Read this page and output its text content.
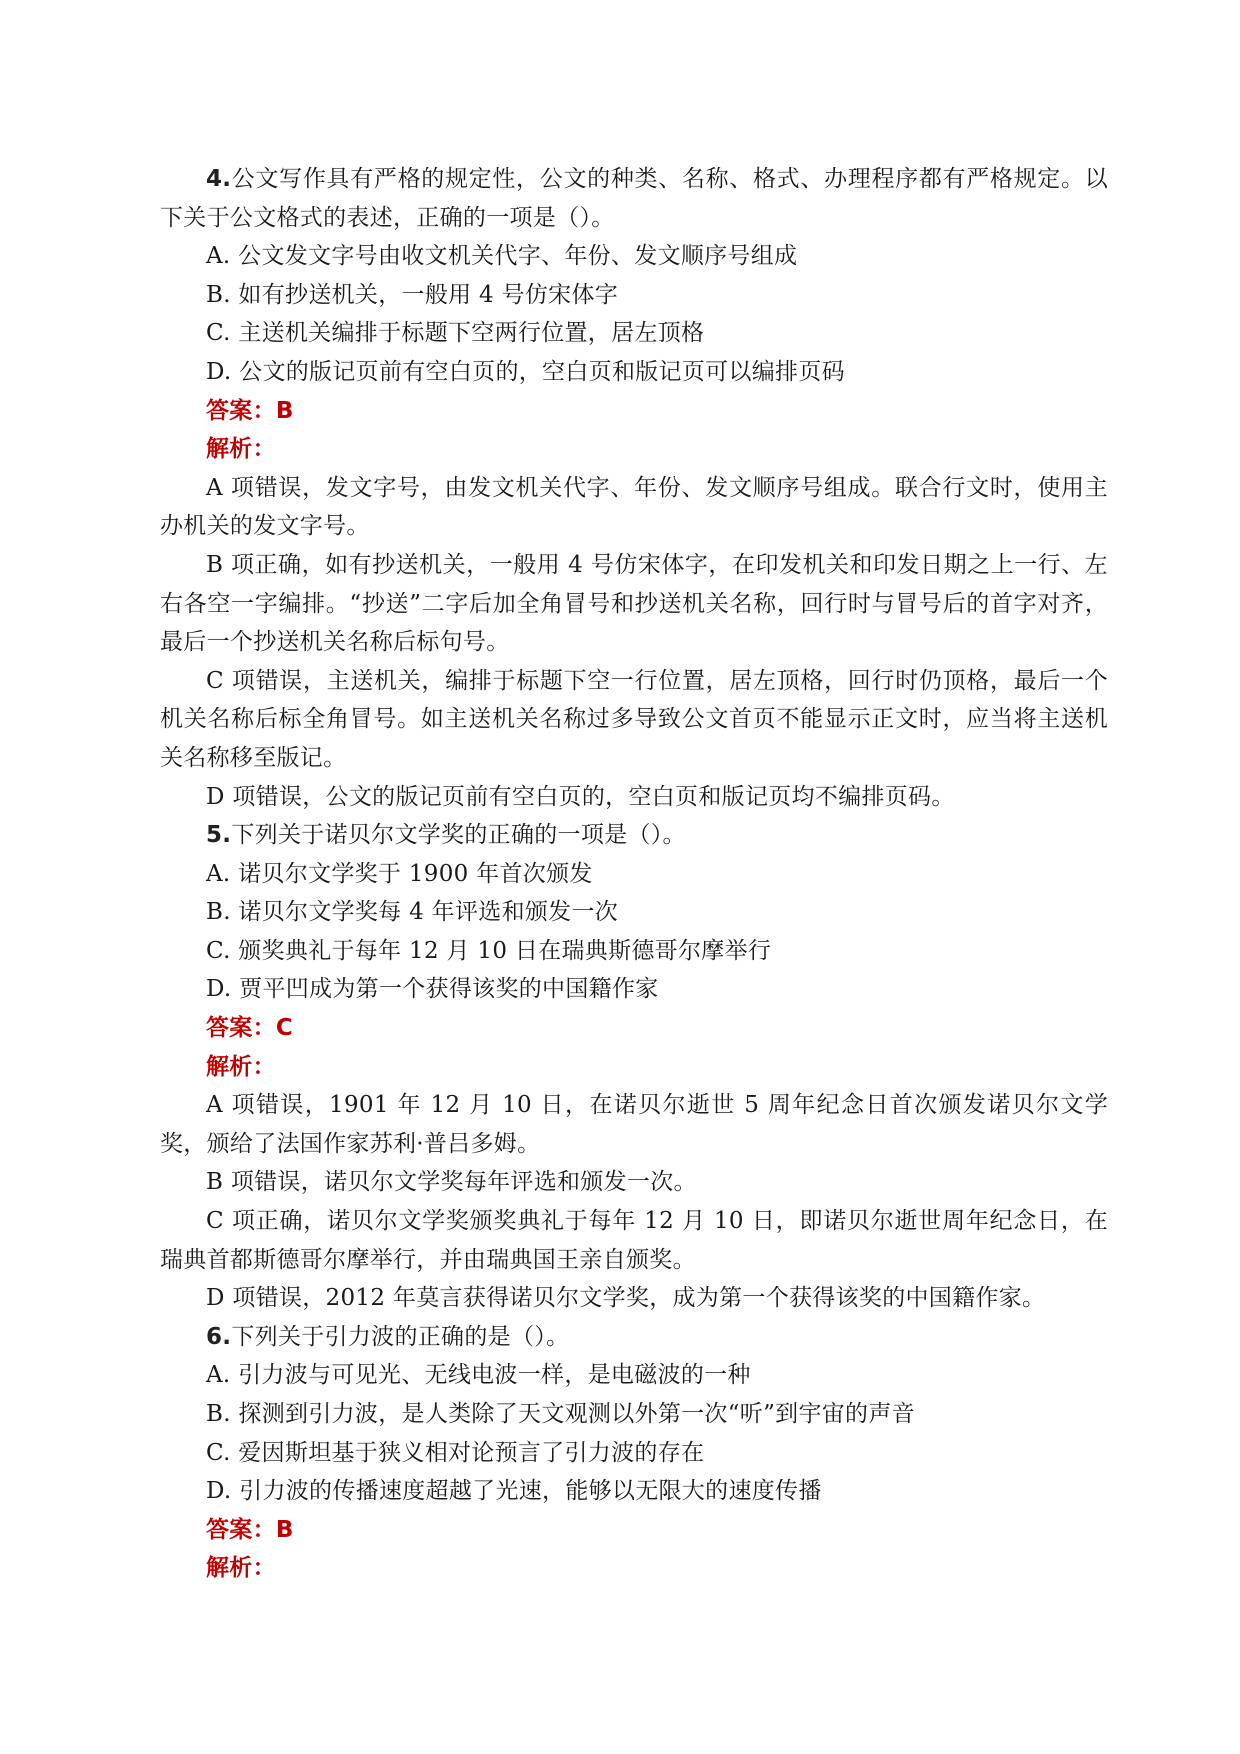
4.公文写作具有严格的规定性，公文的种类、名称、格式、办理程序都有严格规定。以下关于公文格式的表述，正确的一项是（）。

A. 公文发文字号由收文机关代字、年份、发文顺序号组成

B. 如有抄送机关，一般用 4 号仿宋体字

C. 主送机关编排于标题下空两行位置，居左顶格

D. 公文的版记页前有空白页的，空白页和版记页可以编排页码

答案：B

解析：

A 项错误，发文字号，由发文机关代字、年份、发文顺序号组成。联合行文时，使用主办机关的发文字号。

B 项正确，如有抄送机关，一般用 4 号仿宋体字，在印发机关和印发日期之上一行、左右各空一字编排。“抄送”二字后加全角冒号和抄送机关名称，回行时与冒号后的首字对齐，最后一个抄送机关名称后标句号。

C 项错误，主送机关，编排于标题下空一行位置，居左顶格，回行时仍顶格，最后一个机关名称后标全角冒号。如主送机关名称过多导致公文首页不能显示正文时，应当将主送机关名称移至版记。

D 项错误，公文的版记页前有空白页的，空白页和版记页均不编排页码。

5.下列关于诺贝尔文学奖的正确的一项是（）。

A. 诺贝尔文学奖于 1900 年首次颁发

B. 诺贝尔文学奖每 4 年评选和颁发一次

C. 颁奖典礼于每年 12 月 10 日在瑞典斯德哥尔摩举行

D. 贾平凹成为第一个获得该奖的中国籍作家

答案：C

解析：

A 项错误，1901 年 12 月 10 日，在诺贝尔逝世 5 周年纪念日首次颁发诺贝尔文学奖，颁给了法国作家苏利·普吕多姆。

B 项错误，诺贝尔文学奖每年评选和颁发一次。

C 项正确，诺贝尔文学奖颁奖典礼于每年 12 月 10 日，即诺贝尔逝世周年纪念日，在瑞典首都斯德哥尔摩举行，并由瑞典国王亲自颁奖。

D 项错误，2012 年莫言获得诺贝尔文学奖，成为第一个获得该奖的中国籍作家。

6.下列关于引力波的正确的是（）。

A. 引力波与可见光、无线电波一样，是电磁波的一种

B. 探测到引力波，是人类除了天文观测以外第一次“听”到宇宙的声音

C. 爱因斯坦基于狭义相对论预言了引力波的存在

D. 引力波的传播速度超越了光速，能够以无限大的速度传播

答案：B

解析：
